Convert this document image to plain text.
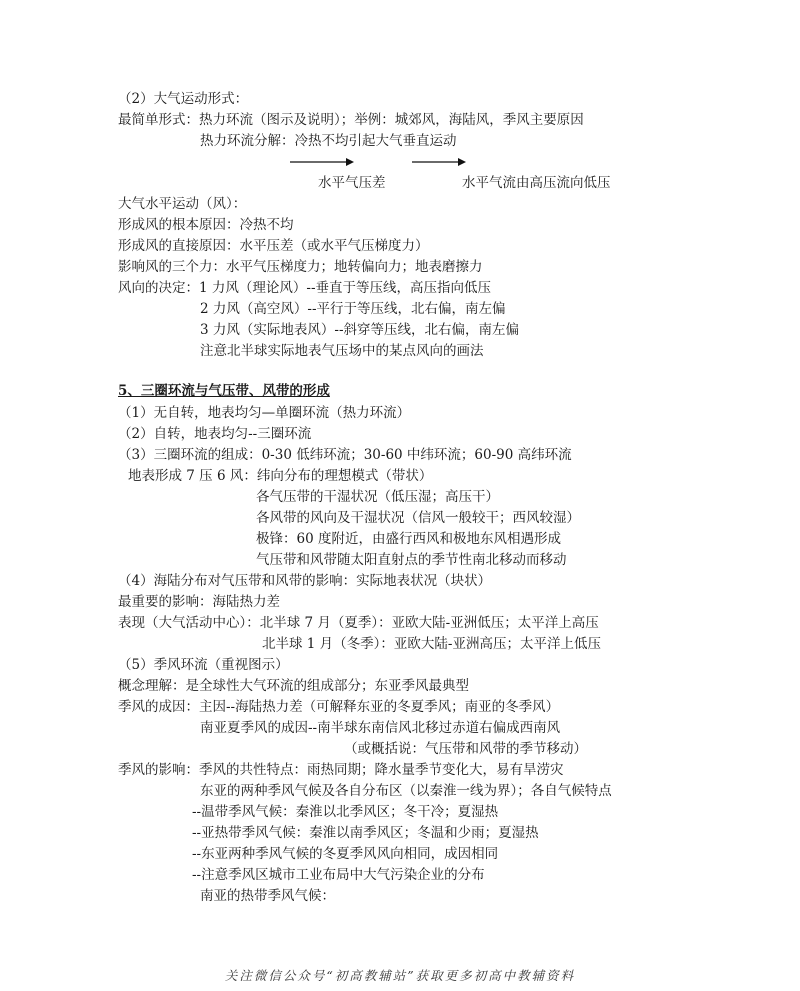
（2）大气运动形式：
最简单形式：热力环流（图示及说明）；举例：城郊风，海陆风，季风主要原因
热力环流分解：冷热不均引起大气垂直运动
水平气压差	水平气流由高压流向低压
大气水平运动（风）：
形成风的根本原因：冷热不均
形成风的直接原因：水平压差（或水平气压梯度力）
影响风的三个力：水平气压梯度力；地转偏向力；地表磨擦力
风向的决定：1 力风（理论风）--垂直于等压线，高压指向低压
2 力风（高空风）--平行于等压线，北右偏，南左偏
3 力风（实际地表风）--斜穿等压线，北右偏，南左偏
注意北半球实际地表气压场中的某点风向的画法
5、三圈环流与气压带、风带的形成
（1）无自转，地表均匀—单圈环流（热力环流）
（2）自转，地表均匀--三圈环流
（3）三圈环流的组成：0-30 低纬环流；30-60 中纬环流；60-90 高纬环流
地表形成 7 压 6 风：纬向分布的理想模式（带状）
各气压带的干湿状况（低压湿；高压干）
各风带的风向及干湿状况（信风一般较干；西风较湿）
极锋：60 度附近，由盛行西风和极地东风相遇形成
气压带和风带随太阳直射点的季节性南北移动而移动
（4）海陆分布对气压带和风带的影响：实际地表状况（块状）
最重要的影响：海陆热力差
表现（大气活动中心）：北半球 7 月（夏季）：亚欧大陆-亚洲低压；太平洋上高压
北半球 1 月（冬季）：亚欧大陆-亚洲高压；太平洋上低压
（5）季风环流（重视图示）
概念理解：是全球性大气环流的组成部分；东亚季风最典型
季风的成因：主因--海陆热力差（可解释东亚的冬夏季风；南亚的冬季风）
南亚夏季风的成因--南半球东南信风北移过赤道右偏成西南风
（或概括说：气压带和风带的季节移动）
季风的影响：季风的共性特点：雨热同期；降水量季节变化大，易有旱涝灾
东亚的两种季风气候及各自分布区（以秦淮一线为界）；各自气候特点
--温带季风气候：秦淮以北季风区；冬干冷；夏湿热
--亚热带季风气候：秦淮以南季风区；冬温和少雨；夏湿热
--东亚两种季风气候的冬夏季风风向相同，成因相同
--注意季风区城市工业布局中大气污染企业的分布
南亚的热带季风气候：
关注微信公众号“初高教辅站”获取更多初高中教辅资料
